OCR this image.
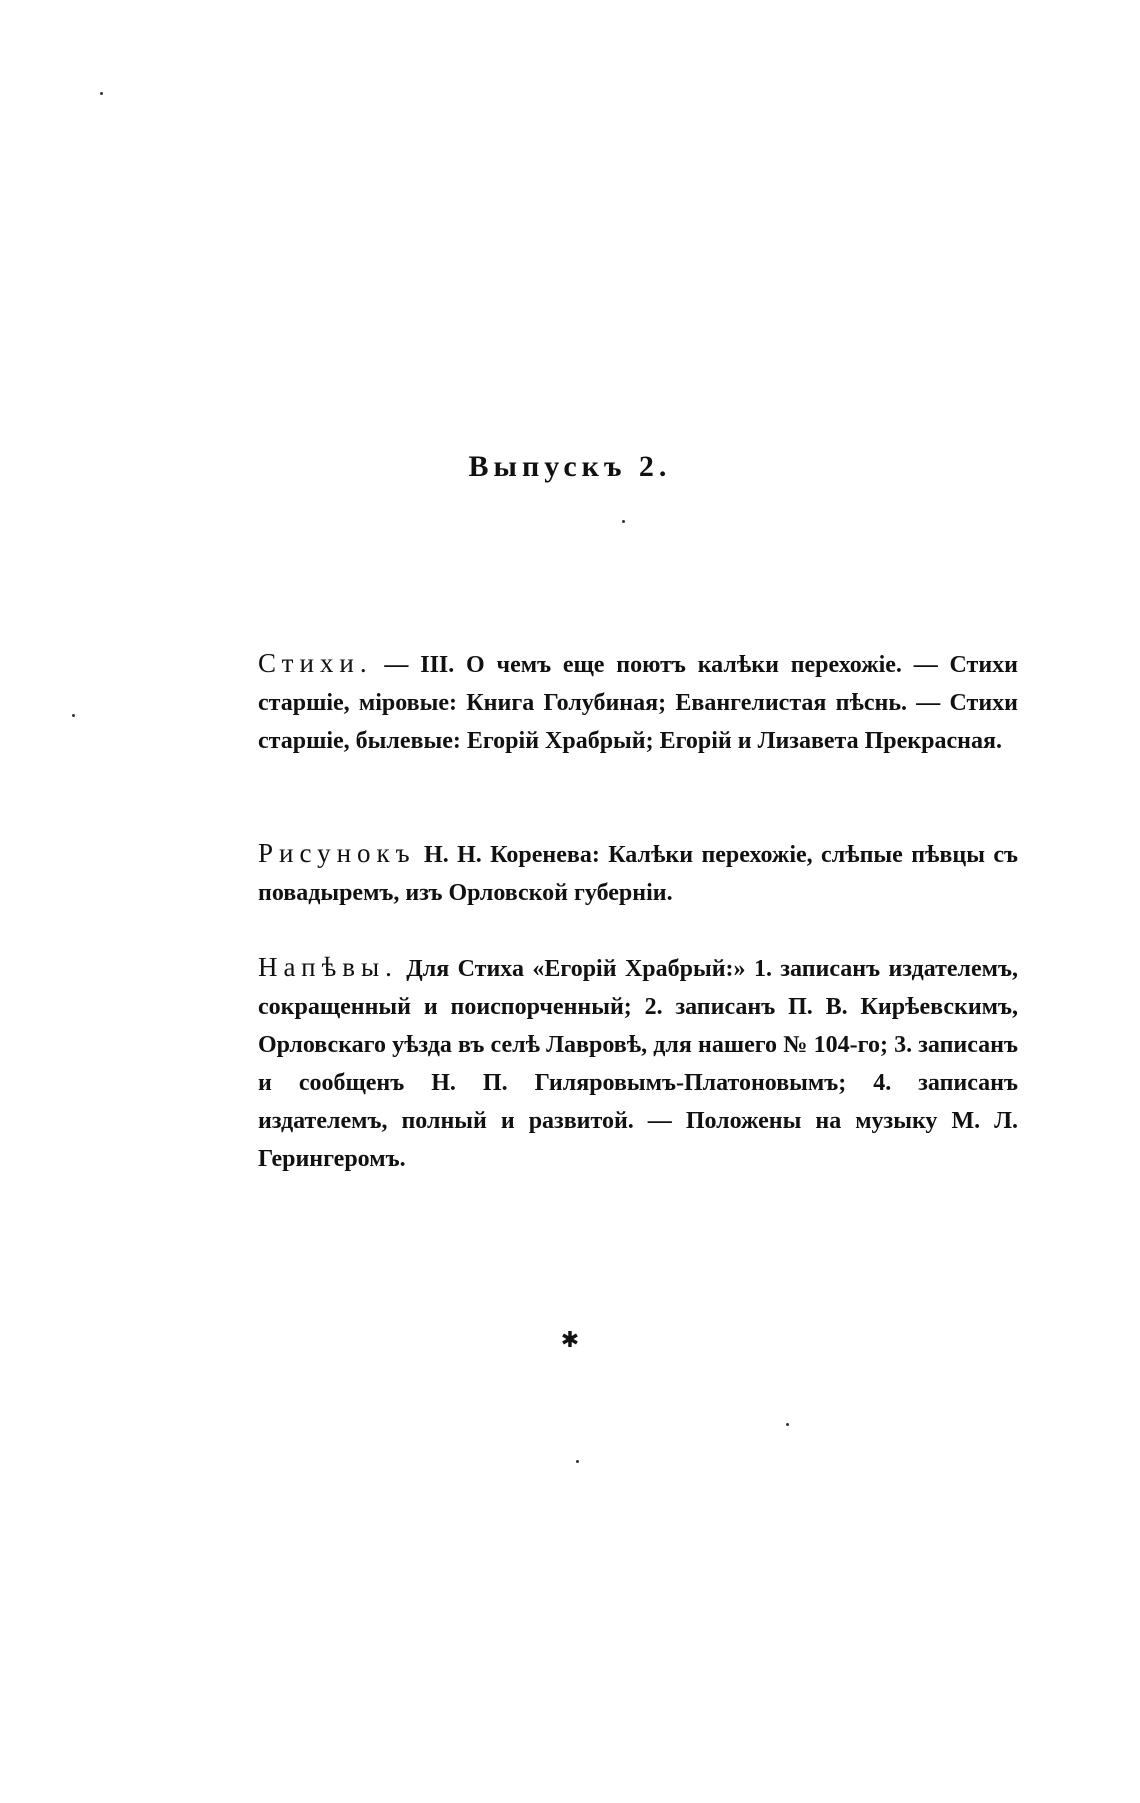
Выпускъ 2.
Стихи. — III. О чемъ еще поютъ калѣки перехожіе. — Стихи старшіе, міровые: Книга Голубиная; Евангелистая пѣснь. — Стихи старшіе, былевые: Егорій Храбрый; Егорій и Лизавета Прекрасная.
Рисунокъ Н. Н. Коренева: Калѣки перехожіе, слѣпые пѣвцы съ повадыремъ, изъ Орловской губерніи.
Напѣвы. Для Стиха «Егорій Храбрый:» 1. записанъ издателемъ, сокращенный и поиспорченный; 2. записанъ П. В. Кирѣевскимъ, Орловскаго уѣзда въ селѣ Лавровѣ, для нашего № 104-го; 3. записанъ и сообщенъ Н. П. Гиляровымъ-Платоновымъ; 4. записанъ издателемъ, полный и развитой. — Положены на музыку М. Л. Герингеромъ.
✱
